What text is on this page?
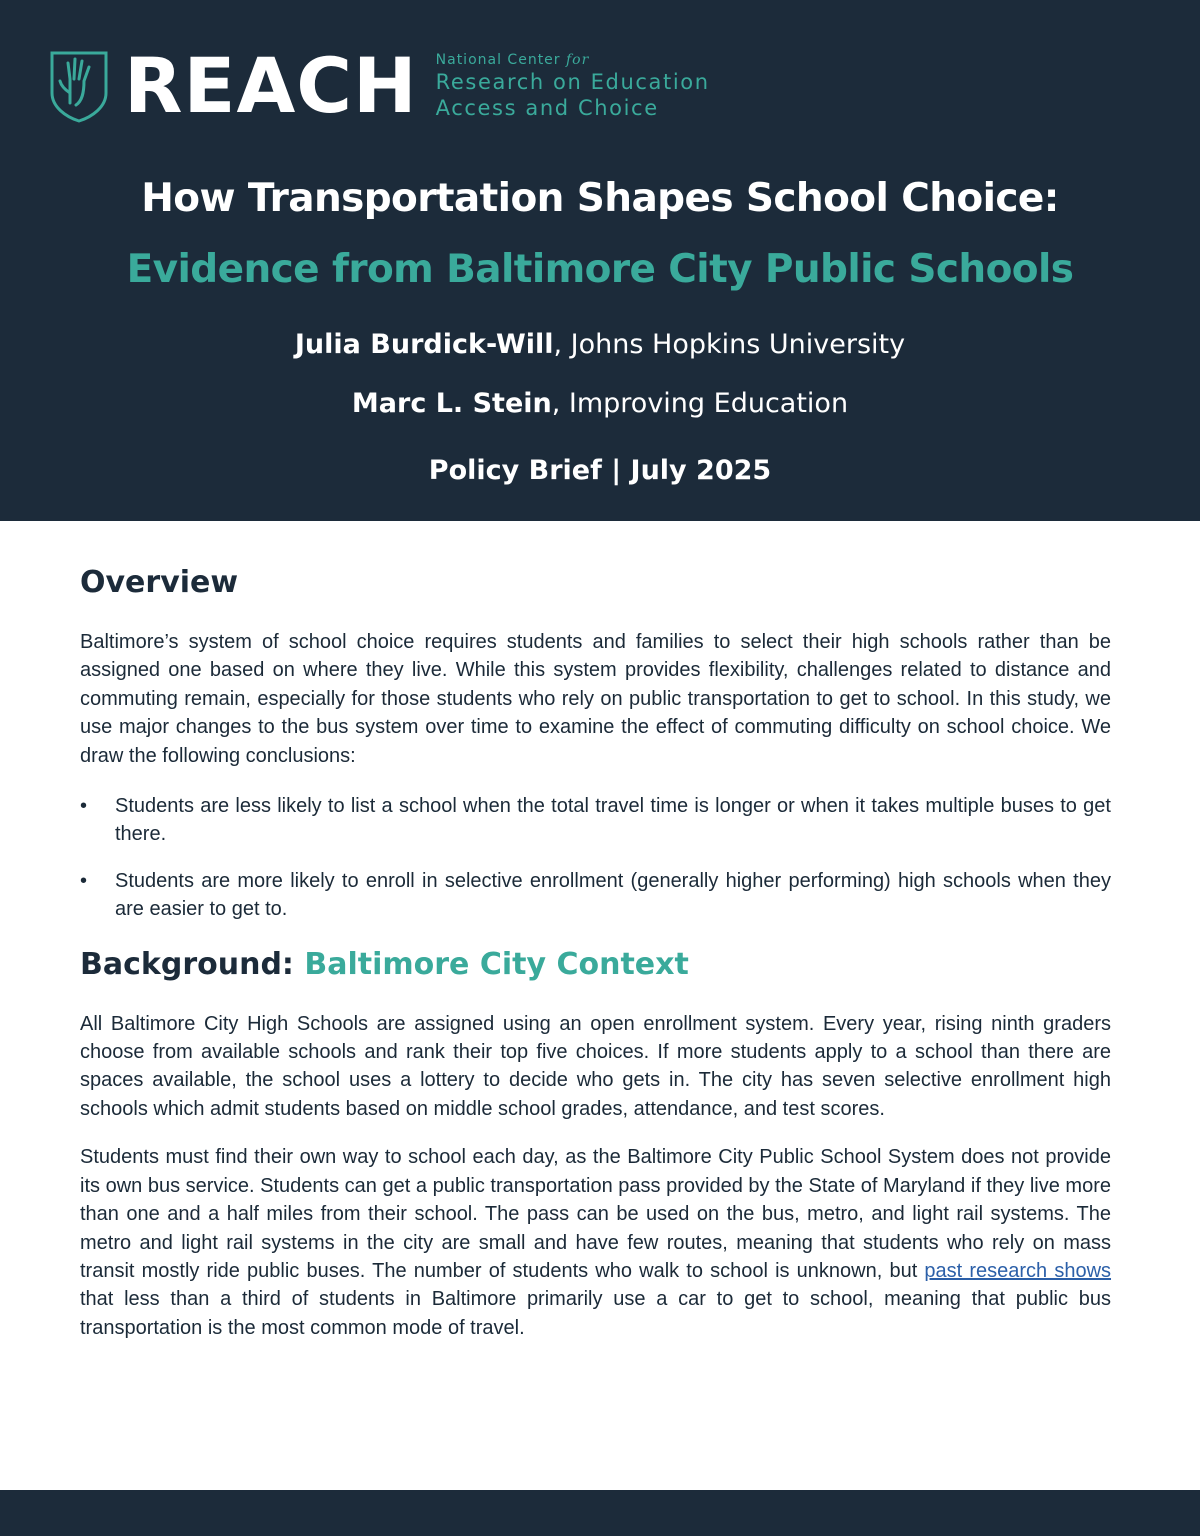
REACH National Center for
Research on Education
Access and Choice
How Transportation Shapes School Choice:
Evidence from Baltimore City Public Schools
Julia Burdick-Will, Johns Hopkins University
Marc L. Stein, Improving Education
Policy Brief | July 2025
Overview

Baltimore’s system of school choice requires students and families to select their high schools rather than be assigned one based on where they live. While this system provides flexibility, challenges related to distance and commuting remain, especially for those students who rely on public transportation to get to school. In this study, we use major changes to the bus system over time to examine the effect of commuting difficulty on school choice. We draw the following conclusions:

• Students are less likely to list a school when the total travel time is longer or when it takes multiple buses to get there.
• Students are more likely to enroll in selective enrollment (generally higher performing) high schools when they are easier to get to.
Background: Baltimore City Context

All Baltimore City High Schools are assigned using an open enrollment system. Every year, rising ninth graders choose from available schools and rank their top five choices. If more students apply to a school than there are spaces available, the school uses a lottery to decide who gets in. The city has seven selective enrollment high schools which admit students based on middle school grades, attendance, and test scores.

Students must find their own way to school each day, as the Baltimore City Public School System does not provide its own bus service. Students can get a public transportation pass provided by the State of Maryland if they live more than one and a half miles from their school. The pass can be used on the bus, metro, and light rail systems. The metro and light rail systems in the city are small and have few routes, meaning that students who rely on mass transit mostly ride public buses. The number of students who walk to school is unknown, but past research shows that less than a third of students in Baltimore primarily use a car to get to school, meaning that public bus transportation is the most common mode of travel.
